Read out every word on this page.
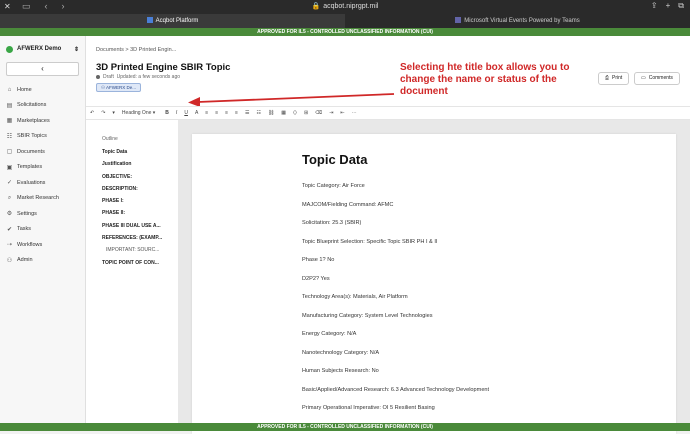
✕ ▭ ‹ ›	🔒 acqbot.niprgpt.mil	⇪ + ⧉
Acqbot Platform	Microsoft Virtual Events Powered by Teams
APPROVED FOR IL5 - CONTROLLED UNCLASSIFIED INFORMATION (CUI)
AFWERX Demo ⇕
‹
⌂	Home
▤ Solicitations
▦ Marketplaces
☷ SBIR Topics
▢ Documents
▣ Templates
✓ Evaluations
⌕	Market Research
⚙ Settings
✔ Tasks
⇢ Workflows
⚇ Admin
Documents > 3D Printed Engin...
3D Printed Engine SBIR Topic
Draft
Updated: a few seconds ago
⚇ AFWERX De...
Selecting hte title box allows you to change the name or status of the document
⎙ Print	▭ Comments
↶ ↷ ▾ Heading One ▾ B I U A ≡ ≡ ≡ ≡ ☰ ☷ ⛓ ▦ ⟨⟩ ⊞ ⌫ ⇥ ⇤ ⋯
Outline
Topic Data
Justification
OBJECTIVE:
DESCRIPTION:
PHASE I:
PHASE II:
PHASE III DUAL USE A...
REFERENCES: (EXAMP...
IMPORTANT: SOURC...
TOPIC POINT OF CON...
Topic Data
Topic Category: Air Force
MAJCOM/Fielding Command: AFMC
Solicitation: 25.3 (SBIR)
Topic Blueprint Selection: Specific Topic SBIR PH I & II
Phase 1? No
D2P2? Yes
Technology Area(s): Materials, Air Platform
Manufacturing Category: System Level Technologies
Energy Category: N/A
Nanotechnology Category: N/A
Human Subjects Research: No
Basic/Applied/Advanced Research: 6.3 Advanced Technology Development
Primary Operational Imperative: OI 5 Resilient Basing
APPROVED FOR IL5 - CONTROLLED UNCLASSIFIED INFORMATION (CUI)
